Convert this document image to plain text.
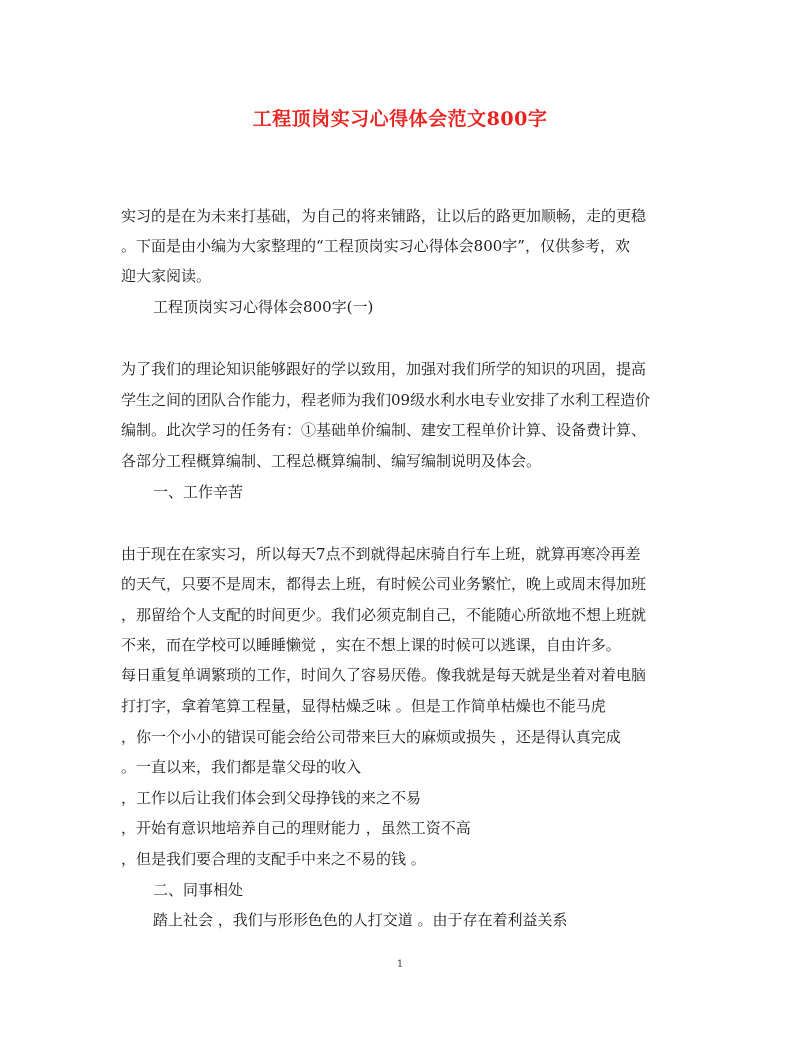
工程顶岗实习心得体会范文800字
实习的是在为未来打基础，为自己的将来铺路，让以后的路更加顺畅，走的更稳
。下面是由小编为大家整理的“工程顶岗实习心得体会800字”，仅供参考，欢
迎大家阅读。
工程顶岗实习心得体会800字(一)
为了我们的理论知识能够跟好的学以致用，加强对我们所学的知识的巩固，提高
学生之间的团队合作能力，程老师为我们09级水利水电专业安排了水利工程造价
编制。此次学习的任务有：①基础单价编制、建安工程单价计算、设备费计算、
各部分工程概算编制、工程总概算编制、编写编制说明及体会。
一、工作辛苦
由于现在在家实习，所以每天7点不到就得起床骑自行车上班，就算再寒冷再差
的天气，只要不是周末，都得去上班，有时候公司业务繁忙，晚上或周末得加班
，那留给个人支配的时间更少。我们必须克制自己，不能随心所欲地不想上班就
不来，而在学校可以睡睡懒觉 ，实在不想上课的时候可以逃课，自由许多。
每日重复单调繁琐的工作，时间久了容易厌倦。像我就是每天就是坐着对着电脑
打打字，拿着笔算工程量，显得枯燥乏味 。但是工作简单枯燥也不能马虎
，你一个小小的错误可能会给公司带来巨大的麻烦或损失 ，还是得认真完成
。一直以来，我们都是靠父母的收入
，工作以后让我们体会到父母挣钱的来之不易
，开始有意识地培养自己的理财能力 ，虽然工资不高
，但是我们要合理的支配手中来之不易的钱 。
二、同事相处
踏上社会 ，我们与形形色色的人打交道 。由于存在着利益关系
1
